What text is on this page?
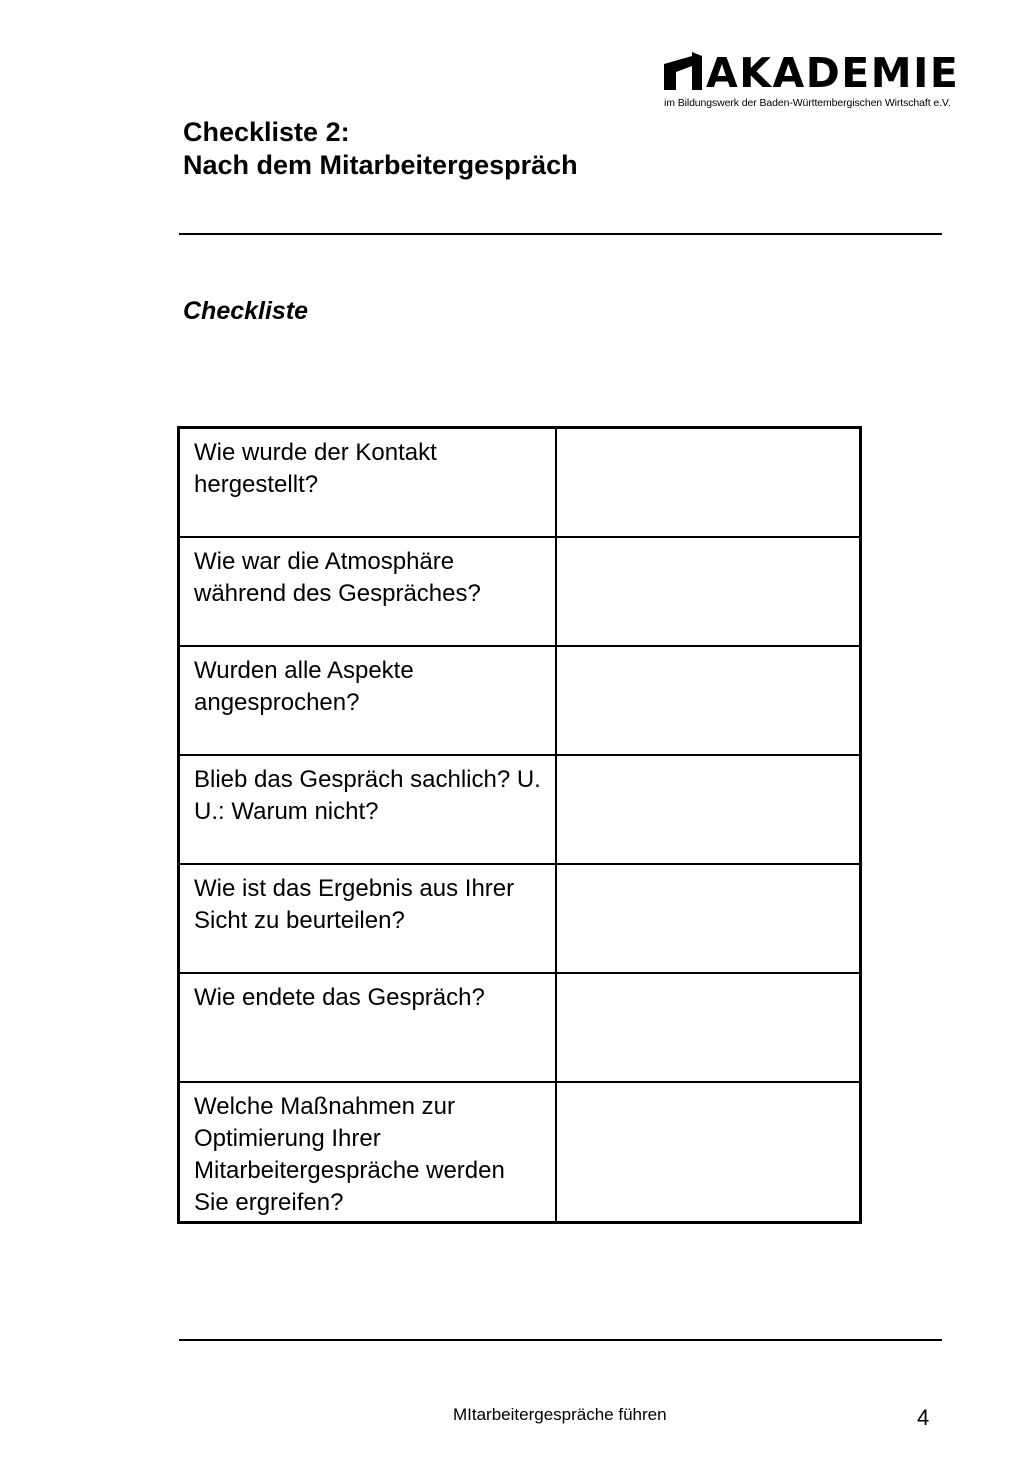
AKADEMIE
im Bildungswerk der Baden-Württembergischen Wirtschaft e.V.
Checkliste 2:
Nach dem Mitarbeitergespräch
Checkliste
Wie wurde der Kontakt hergestellt?	
Wie war die Atmosphäre während des Gespräches?	
Wurden alle Aspekte angesprochen?	
Blieb das Gespräch sachlich? U. U.: Warum nicht?	
Wie ist das Ergebnis aus Ihrer Sicht zu beurteilen?	
Wie endete das Gespräch?	
Welche Maßnahmen zur Optimierung Ihrer Mitarbeitergespräche werden Sie ergreifen?	
MItarbeitergespräche führen	4
